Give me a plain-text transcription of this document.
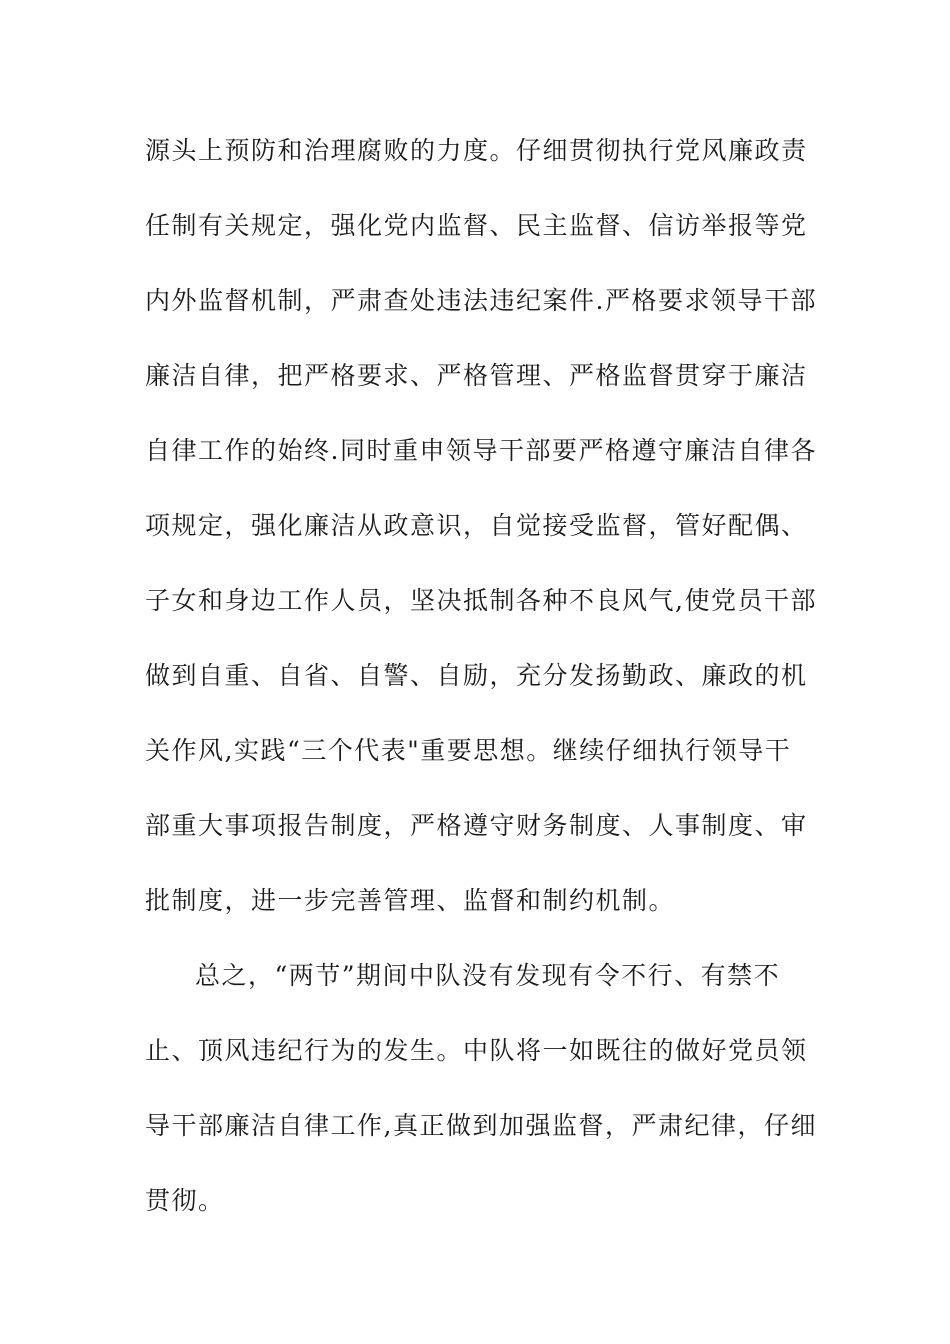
源头上预防和治理腐败的力度。仔细贯彻执行党风廉政责
任制有关规定，强化党内监督、民主监督、信访举报等党
内外监督机制，严肃查处违法违纪案件.严格要求领导干部
廉洁自律，把严格要求、严格管理、严格监督贯穿于廉洁
自律工作的始终.同时重申领导干部要严格遵守廉洁自律各
项规定，强化廉洁从政意识，自觉接受监督，管好配偶、
子女和身边工作人员，坚决抵制各种不良风气,使党员干部
做到自重、自省、自警、自励，充分发扬勤政、廉政的机
关作风,实践“三个代表"重要思想。继续仔细执行领导干
部重大事项报告制度，严格遵守财务制度、人事制度、审
批制度，进一步完善管理、监督和制约机制。
总之，“两节”期间中队没有发现有令不行、有禁不
止、顶风违纪行为的发生。中队将一如既往的做好党员领
导干部廉洁自律工作,真正做到加强监督，严肃纪律，仔细
贯彻。
